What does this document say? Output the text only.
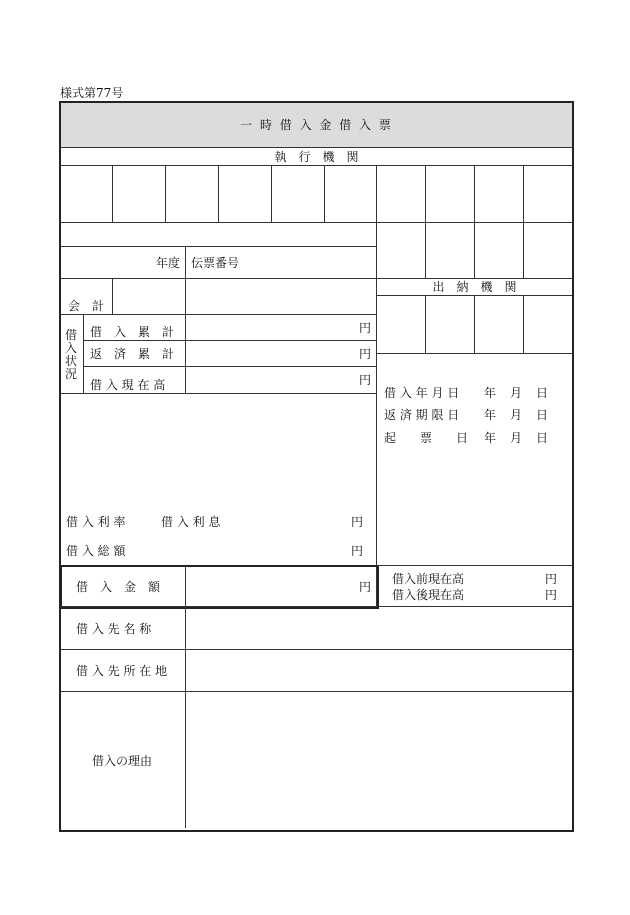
様式第77号
一 時 借 入 金 借 入 票
執　行　機　関
年度 伝票番号
会　計
出　納　機　関
借入状況
借　入　累　計	円
返　済　累　計	円
借 入 現 在 高	円
借 入 年 月 日 年　月　日
返 済 期 限 日 年　月　日
起　　票　　日 年　月　日
借 入 利 率	借 入 利 息	円
借 入 総 額	円
借　入　金　額	円
借入前現在高	円
借入後現在高	円
借 入 先 名 称
借 入 先 所 在 地
借入の理由
